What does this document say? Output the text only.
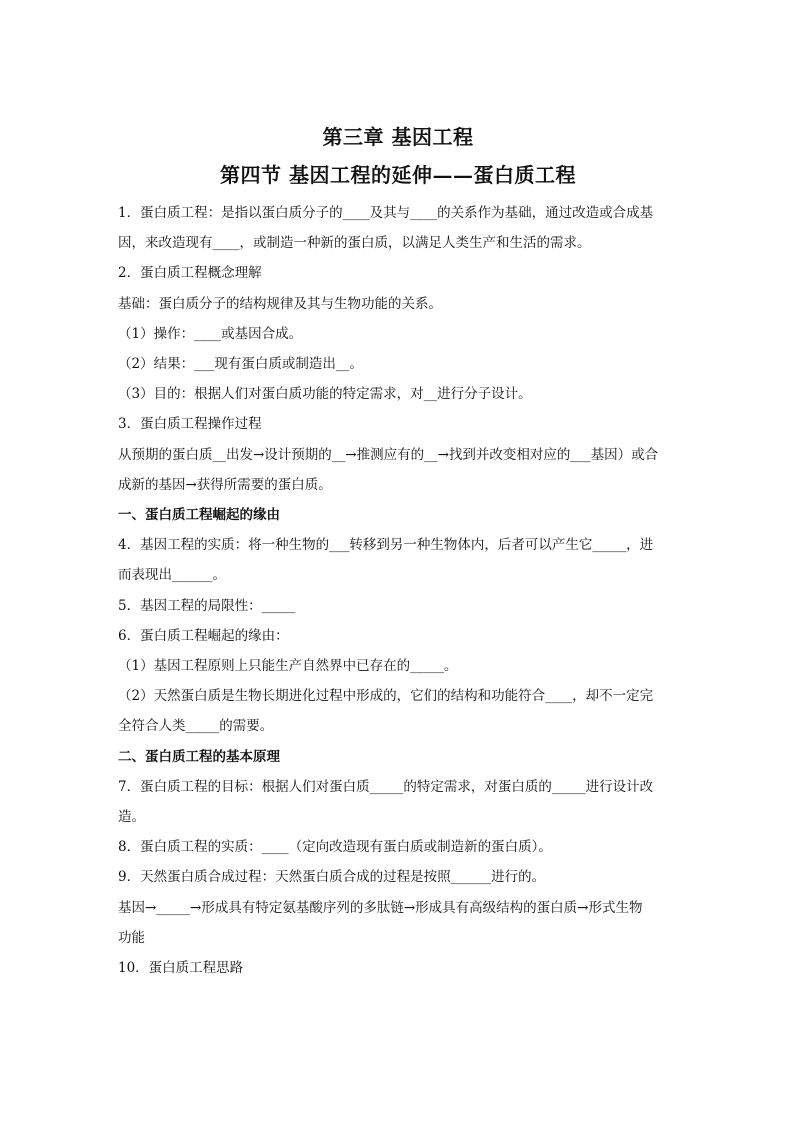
第三章 基因工程
第四节 基因工程的延伸——蛋白质工程

1．蛋白质工程：是指以蛋白质分子的____及其与____的关系作为基础，通过改造或合成基

因，来改造现有____，或制造一种新的蛋白质，以满足人类生产和生活的需求。

2．蛋白质工程概念理解

基础：蛋白质分子的结构规律及其与生物功能的关系。

（1）操作：____或基因合成。

（2）结果：___现有蛋白质或制造出__。

（3）目的：根据人们对蛋白质功能的特定需求，对__进行分子设计。

3．蛋白质工程操作过程

从预期的蛋白质__出发→设计预期的__→推测应有的__→找到并改变相对应的___基因）或合

成新的基因→获得所需要的蛋白质。

一、蛋白质工程崛起的缘由

4．基因工程的实质：将一种生物的___转移到另一种生物体内，后者可以产生它_____，进

而表现出______。

5．基因工程的局限性：_____

6．蛋白质工程崛起的缘由：

（1）基因工程原则上只能生产自然界中已存在的_____。

（2）天然蛋白质是生物长期进化过程中形成的，它们的结构和功能符合____，却不一定完

全符合人类_____的需要。

二、蛋白质工程的基本原理

7．蛋白质工程的目标：根据人们对蛋白质_____的特定需求，对蛋白质的_____进行设计改

造。

8．蛋白质工程的实质：____（定向改造现有蛋白质或制造新的蛋白质）。

9．天然蛋白质合成过程：天然蛋白质合成的过程是按照______进行的。

基因→_____→形成具有特定氨基酸序列的多肽链→形成具有高级结构的蛋白质→形式生物

功能

10．蛋白质工程思路
